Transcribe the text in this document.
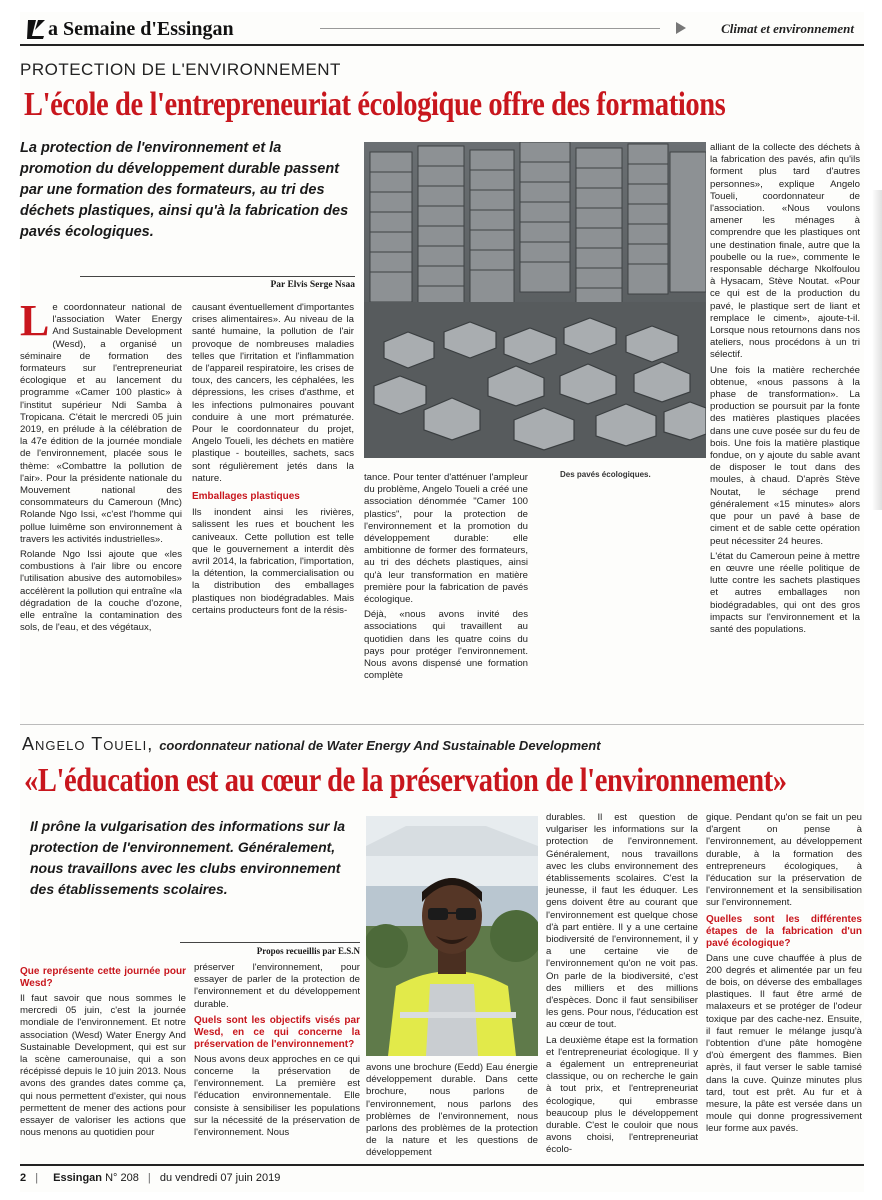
a Semaine d'Essingan	Climat et environnement
PROTECTION DE L'ENVIRONNEMENT
L'école de l'entrepreneuriat écologique offre des formations
La protection de l'environnement et la promotion du développement durable passent par une formation des formateurs, au tri des déchets plastiques, ainsi qu'à la fabrication des pavés écologiques.
Par Elvis Serge Nsaa

Le coordonnateur national de l'association Water Energy And Sustainable Development (Wesd), a organisé un séminaire de formation des formateurs sur l'entrepreneuriat écologique et au lancement du programme «Camer 100 plastic» à l'institut supérieur Ndi Samba à Tropicana. C'était le mercredi 05 juin 2019, en prélude à la célébration de la 47e édition de la journée mondiale de l'environnement, placée sous le thème: «Combattre la pollution de l'air». Pour la présidente nationale du Mouvement national des consommateurs du Cameroun (Mnc) Rolande Ngo Issi, «c'est l'homme qui pollue luimême son environnement à travers les activités industrielles».

Rolande Ngo Issi ajoute que «les combustions à l'air libre ou encore l'utilisation abusive des automobiles» accélèrent la pollution qui entraîne «la dégradation de la couche d'ozone, elle entraîne la contamination des sols, de l'eau, et des végétaux,

causant éventuellement d'importantes crises alimentaires». Au niveau de la santé humaine, la pollution de l'air provoque de nombreuses maladies telles que l'irritation et l'inflammation de l'appareil respiratoire, les crises de toux, des cancers, les céphalées, les dépressions, les crises d'asthme, et les infections pulmonaires pouvant conduire à une mort prématurée. Pour le coordonnateur du projet, Angelo Toueli, les déchets en matière plastique - bouteilles, sachets, sacs sont régulièrement jetés dans la nature.

Emballages plastiques

Ils inondent ainsi les rivières, salissent les rues et bouchent les caniveaux. Cette pollution est telle que le gouvernement a interdit dès avril 2014, la fabrication, l'importation, la détention, la commercialisation ou la distribution des emballages plastiques non biodégradables. Mais certains producteurs font de la résis-

Des pavés écologiques.

tance. Pour tenter d'atténuer l'ampleur du problème, Angelo Toueli a créé une association dénommée "Camer 100 plastics", pour la protection de l'environnement et la promotion du développement durable: elle ambitionne de former des formateurs, au tri des déchets plastiques, ainsi qu'à leur transformation en matière première pour la fabrication de pavés écologique.

Déjà, «nous avons invité des associations qui travaillent au quotidien dans les quatre coins du pays pour protéger l'environnement. Nous avons dispensé une formation complète

alliant de la collecte des déchets à la fabrication des pavés, afin qu'ils forment plus tard d'autres personnes», explique Angelo Toueli, coordonnateur de l'association. «Nous voulons amener les ménages à comprendre que les plastiques ont une destination finale, autre que la poubelle ou la rue», commente le responsable décharge Nkolfoulou à Hysacam, Stève Noutat. «Pour ce qui est de la production du pavé, le plastique sert de liant et remplace le ciment», ajoute-t-il. Lorsque nous retournons dans nos ateliers, nous procédons à un tri sélectif.

Une fois la matière recherchée obtenue, «nous passons à la phase de transformation». La production se poursuit par la fonte des matières plastiques placées dans une cuve posée sur du feu de bois. Une fois la matière plastique fondue, on y ajoute du sable avant de disposer le tout dans des moules, à chaud. D'après Stève Noutat, le séchage prend généralement «15 minutes» alors que pour un pavé à base de ciment et de sable cette opération peut nécessiter 24 heures.

L'état du Cameroun peine à mettre en œuvre une réelle politique de lutte contre les sachets plastiques et autres emballages non biodégradables, qui ont des gros impacts sur l'environnement et la santé des populations.

Angelo Toueli, coordonnateur national de Water Energy And Sustainable Development
«L'éducation est au cœur de la préservation de l'environnement»
Il prône la vulgarisation des informations sur la protection de l'environnement. Généralement, nous travaillons avec les clubs environnement des établissements scolaires.
Propos recueillis par E.S.N
Que représente cette journée pour Wesd?

Il faut savoir que nous sommes le mercredi 05 juin, c'est la journée mondiale de l'environnement. Et notre association (Wesd) Water Energy And Sustainable Development, qui est sur la scène camerounaise, qui a son récépissé depuis le 10 juin 2013. Nous avons des grandes dates comme ça, qui nous permettent d'exister, qui nous permettent de mener des actions pour essayer de valoriser les actions que nous menons au quotidien pour

préserver l'environnement, pour essayer de parler de la protection de l'environnement et du développement durable.

Quels sont les objectifs visés par Wesd, en ce qui concerne la préservation de l'environnement?

Nous avons deux approches en ce qui concerne la préservation de l'environnement. La première est l'éducation environnementale. Elle consiste à sensibiliser les populations sur la nécessité de la préservation de l'environnement. Nous

avons une brochure (Eedd) Eau énergie développement durable. Dans cette brochure, nous parlons de l'environnement, nous parlons des problèmes de l'environnement, nous parlons des problèmes de la protection de la nature et les questions de développement

durables. Il est question de vulgariser les informations sur la protection de l'environnement. Généralement, nous travaillons avec les clubs environnement des établissements scolaires. C'est la jeunesse, il faut les éduquer. Les gens doivent être au courant que l'environnement est quelque chose d'à part entière. Il y a une certaine biodiversité de l'environnement, il y a une certaine vie de l'environnement qu'on ne voit pas. On parle de la biodiversité, c'est des milliers et des millions d'espèces. Donc il faut sensibiliser les gens. Pour nous, l'éducation est au cœur de tout.

La deuxième étape est la formation et l'entrepreneuriat écologique. Il y a également un entrepreneuriat classique, ou on recherche le gain à tout prix, et l'entrepreneuriat écologique, qui embrasse beaucoup plus le développement durable. C'est le couloir que nous avons choisi, l'entrepreneuriat écolo-

gique. Pendant qu'on se fait un peu d'argent on pense à l'environnement, au développement durable, à la formation des entrepreneurs écologiques, à l'éducation sur la préservation de l'environnement et la sensibilisation sur l'environnement.

Quelles sont les différentes étapes de la fabrication d'un pavé écologique?

Dans une cuve chauffée à plus de 200 degrés et alimentée par un feu de bois, on déverse des emballages plastiques. Il faut être armé de malaxeurs et se protéger de l'odeur toxique par des cache-nez. Ensuite, il faut remuer le mélange jusqu'à l'obtention d'une pâte homogène d'où émergent des flammes. Bien après, il faut verser le sable tamisé dans la cuve. Quinze minutes plus tard, tout est prêt. Au fur et à mesure, la pâte est versée dans un moule qui donne progressivement leur forme aux pavés.

2 | Essingan N° 208 | du vendredi 07 juin 2019
